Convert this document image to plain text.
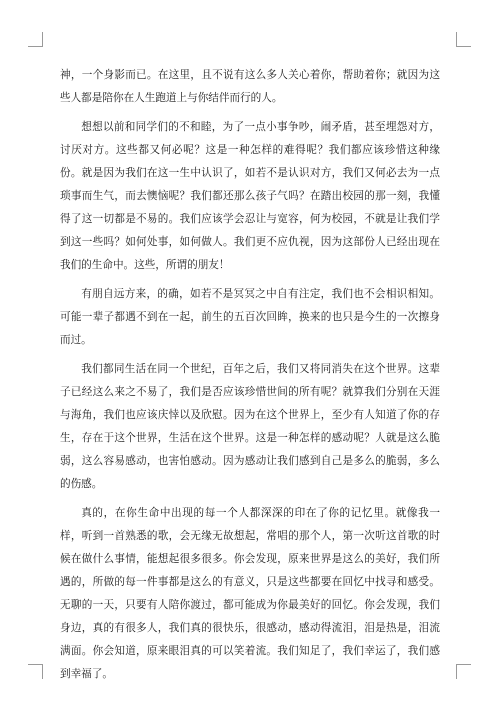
神，一个身影而已。在这里，且不说有这么多人关心着你，帮助着你；就因为这些人都是陪你在人生跑道上与你结伴而行的人。

想想以前和同学们的不和睦，为了一点小事争吵，闹矛盾，甚至埋怨对方，讨厌对方。这些都又何必呢？这是一种怎样的难得呢？我们都应该珍惜这种缘份。就是因为我们在这一生中认识了，如若不是认识对方，我们又何必去为一点琐事而生气，而去懊恼呢？我们都还那么孩子气吗？在踏出校园的那一刻，我懂得了这一切都是不易的。我们应该学会忍让与宽容，何为校园，不就是让我们学到这一些吗？如何处事，如何做人。我们更不应仇视，因为这部份人已经出现在我们的生命中。这些，所谓的朋友！

有朋自远方来，的确，如若不是冥冥之中自有注定，我们也不会相识相知。可能一辈子都遇不到在一起，前生的五百次回眸，换来的也只是今生的一次擦身而过。

我们都同生活在同一个世纪，百年之后，我们又将同消失在这个世界。这辈子已经这么来之不易了，我们是否应该珍惜世间的所有呢？就算我们分别在天涯与海角，我们也应该庆悻以及欣慰。因为在这个世界上，至少有人知道了你的存生，存在于这个世界，生活在这个世界。这是一种怎样的感动呢？人就是这么脆弱，这么容易感动，也害怕感动。因为感动让我们感到自己是多么的脆弱，多么的伤感。

真的，在你生命中出现的每一个人都深深的印在了你的记忆里。就像我一样，听到一首熟悉的歌，会无缘无故想起，常唱的那个人，第一次听这首歌的时候在做什么事情，能想起很多很多。你会发现，原来世界是这么的美好，我们所遇的，所做的每一件事都是这么的有意义，只是这些都要在回忆中找寻和感受。无聊的一天，只要有人陪你渡过，都可能成为你最美好的回忆。你会发现，我们身边，真的有很多人，我们真的很快乐，很感动，感动得流泪，泪是热是，泪流满面。你会知道，原来眼泪真的可以笑着流。我们知足了，我们幸运了，我们感到幸福了。
